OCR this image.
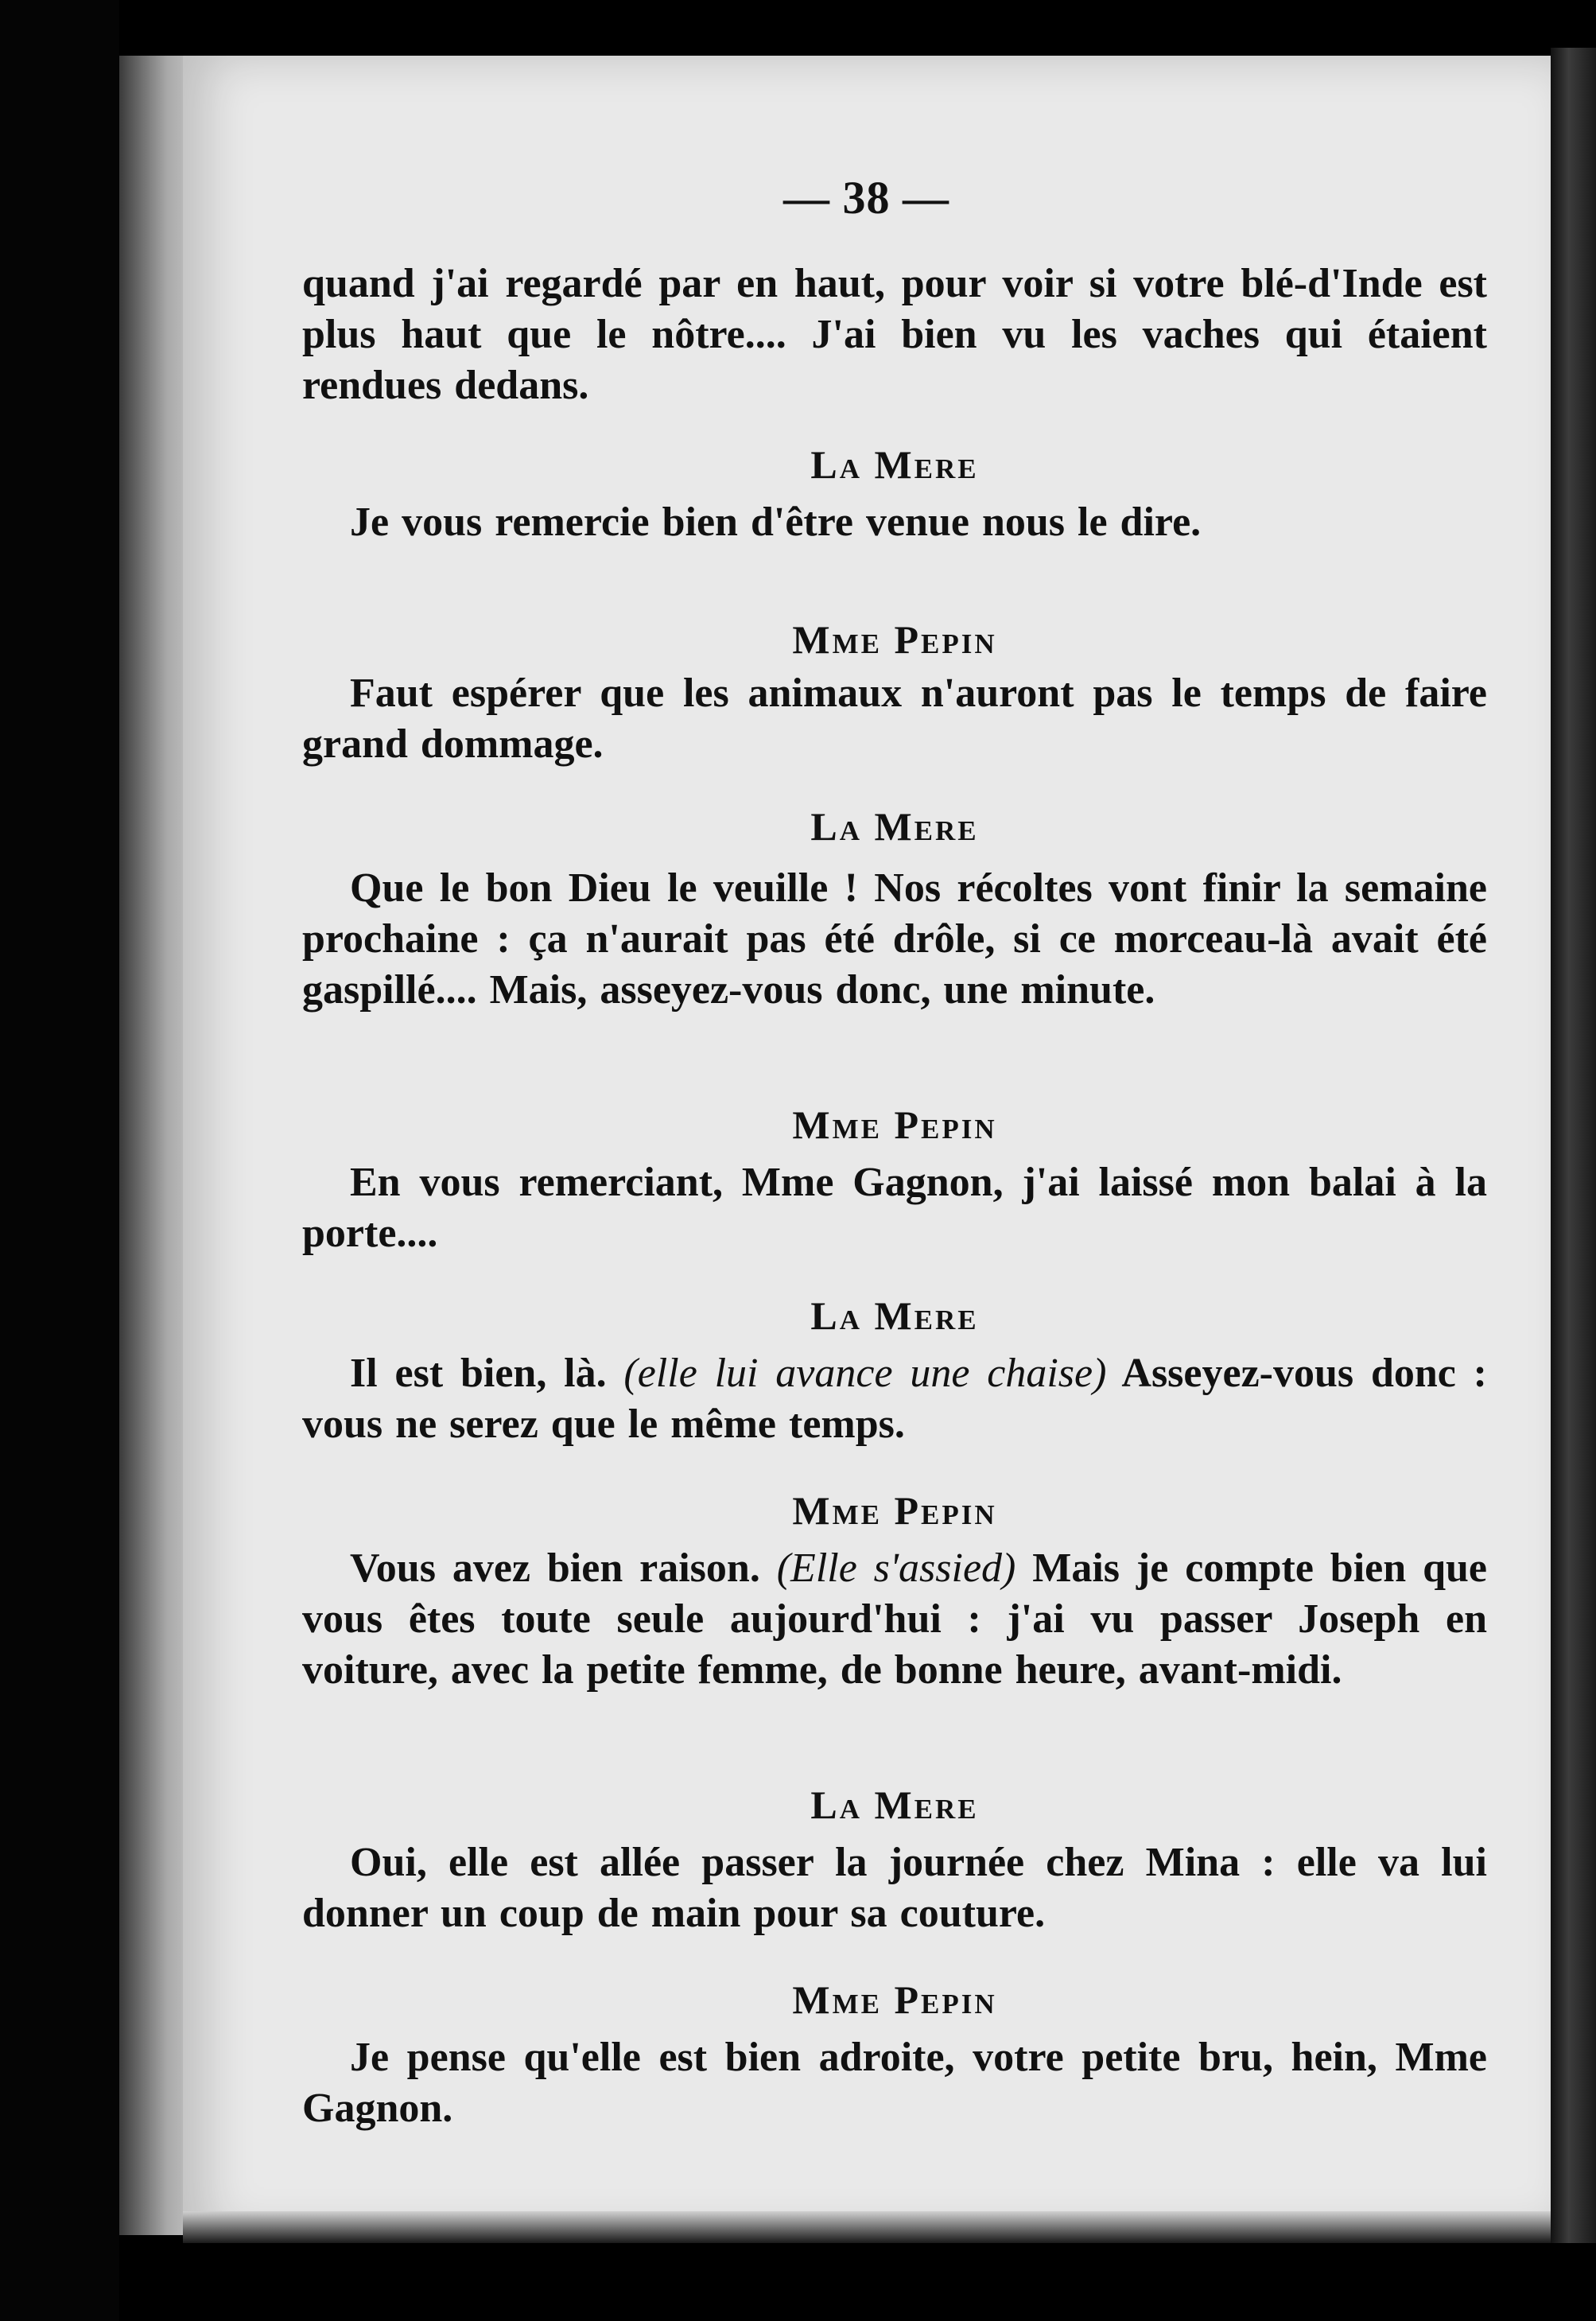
— 38 —

quand j'ai regardé par en haut, pour voir si votre blé-d'Inde est plus haut que le nôtre.... J'ai bien vu les vaches qui étaient rendues dedans.

La Mere

Je vous remercie bien d'être venue nous le dire.

Mme Pepin

Faut espérer que les animaux n'auront pas le temps de faire grand dommage.

La Mere

Que le bon Dieu le veuille ! Nos récoltes vont finir la semaine prochaine : ça n'aurait pas été drôle, si ce morceau-là avait été gaspillé.... Mais, asseyez-vous donc, une minute.

Mme Pepin

En vous remerciant, Mme Gagnon, j'ai laissé mon balai à la porte....

La Mere

Il est bien, là. (elle lui avance une chaise) Asseyez-vous donc : vous ne serez que le même temps.

Mme Pepin

Vous avez bien raison. (Elle s'assied) Mais je compte bien que vous êtes toute seule aujourd'hui : j'ai vu passer Joseph en voiture, avec la petite femme, de bonne heure, avant-midi.

La Mere

Oui, elle est allée passer la journée chez Mina : elle va lui donner un coup de main pour sa couture.

Mme Pepin

Je pense qu'elle est bien adroite, votre petite bru, hein, Mme Gagnon.
